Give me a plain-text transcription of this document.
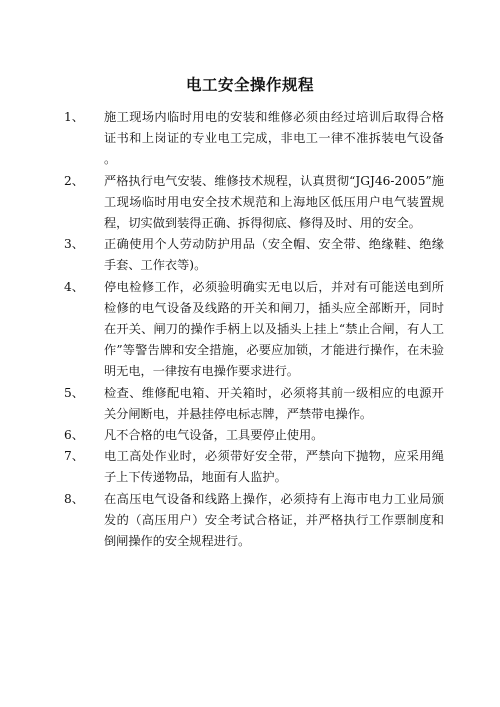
电工安全操作规程
1、	施工现场内临时用电的安装和维修必须由经过培训后取得合格证书和上岗证的专业电工完成，非电工一律不准拆装电气设备。
2、	严格执行电气安装、维修技术规程，认真贯彻“JGJ46-2005”施工现场临时用电安全技术规范和上海地区低压用户电气装置规程，切实做到装得正确、拆得彻底、修得及时、用的安全。
3、	正确使用个人劳动防护用品（安全帽、安全带、绝缘鞋、绝缘手套、工作衣等)。
4、	停电检修工作，必须验明确实无电以后，并对有可能送电到所检修的电气设备及线路的开关和闸刀，插头应全部断开，同时在开关、闸刀的操作手柄上以及插头上挂上“禁止合闸，有人工作”等警告牌和安全措施，必要应加锁，才能进行操作，在未验明无电，一律按有电操作要求进行。
5、	检查、维修配电箱、开关箱时，必须将其前一级相应的电源开关分闸断电，并悬挂停电标志牌，严禁带电操作。
6、	凡不合格的电气设备，工具要停止使用。
7、	电工高处作业时，必须带好安全带，严禁向下抛物，应采用绳子上下传递物品，地面有人监护。
8、	在高压电气设备和线路上操作，必须持有上海市电力工业局颁发的（高压用户）安全考试合格证，并严格执行工作票制度和倒闸操作的安全规程进行。
